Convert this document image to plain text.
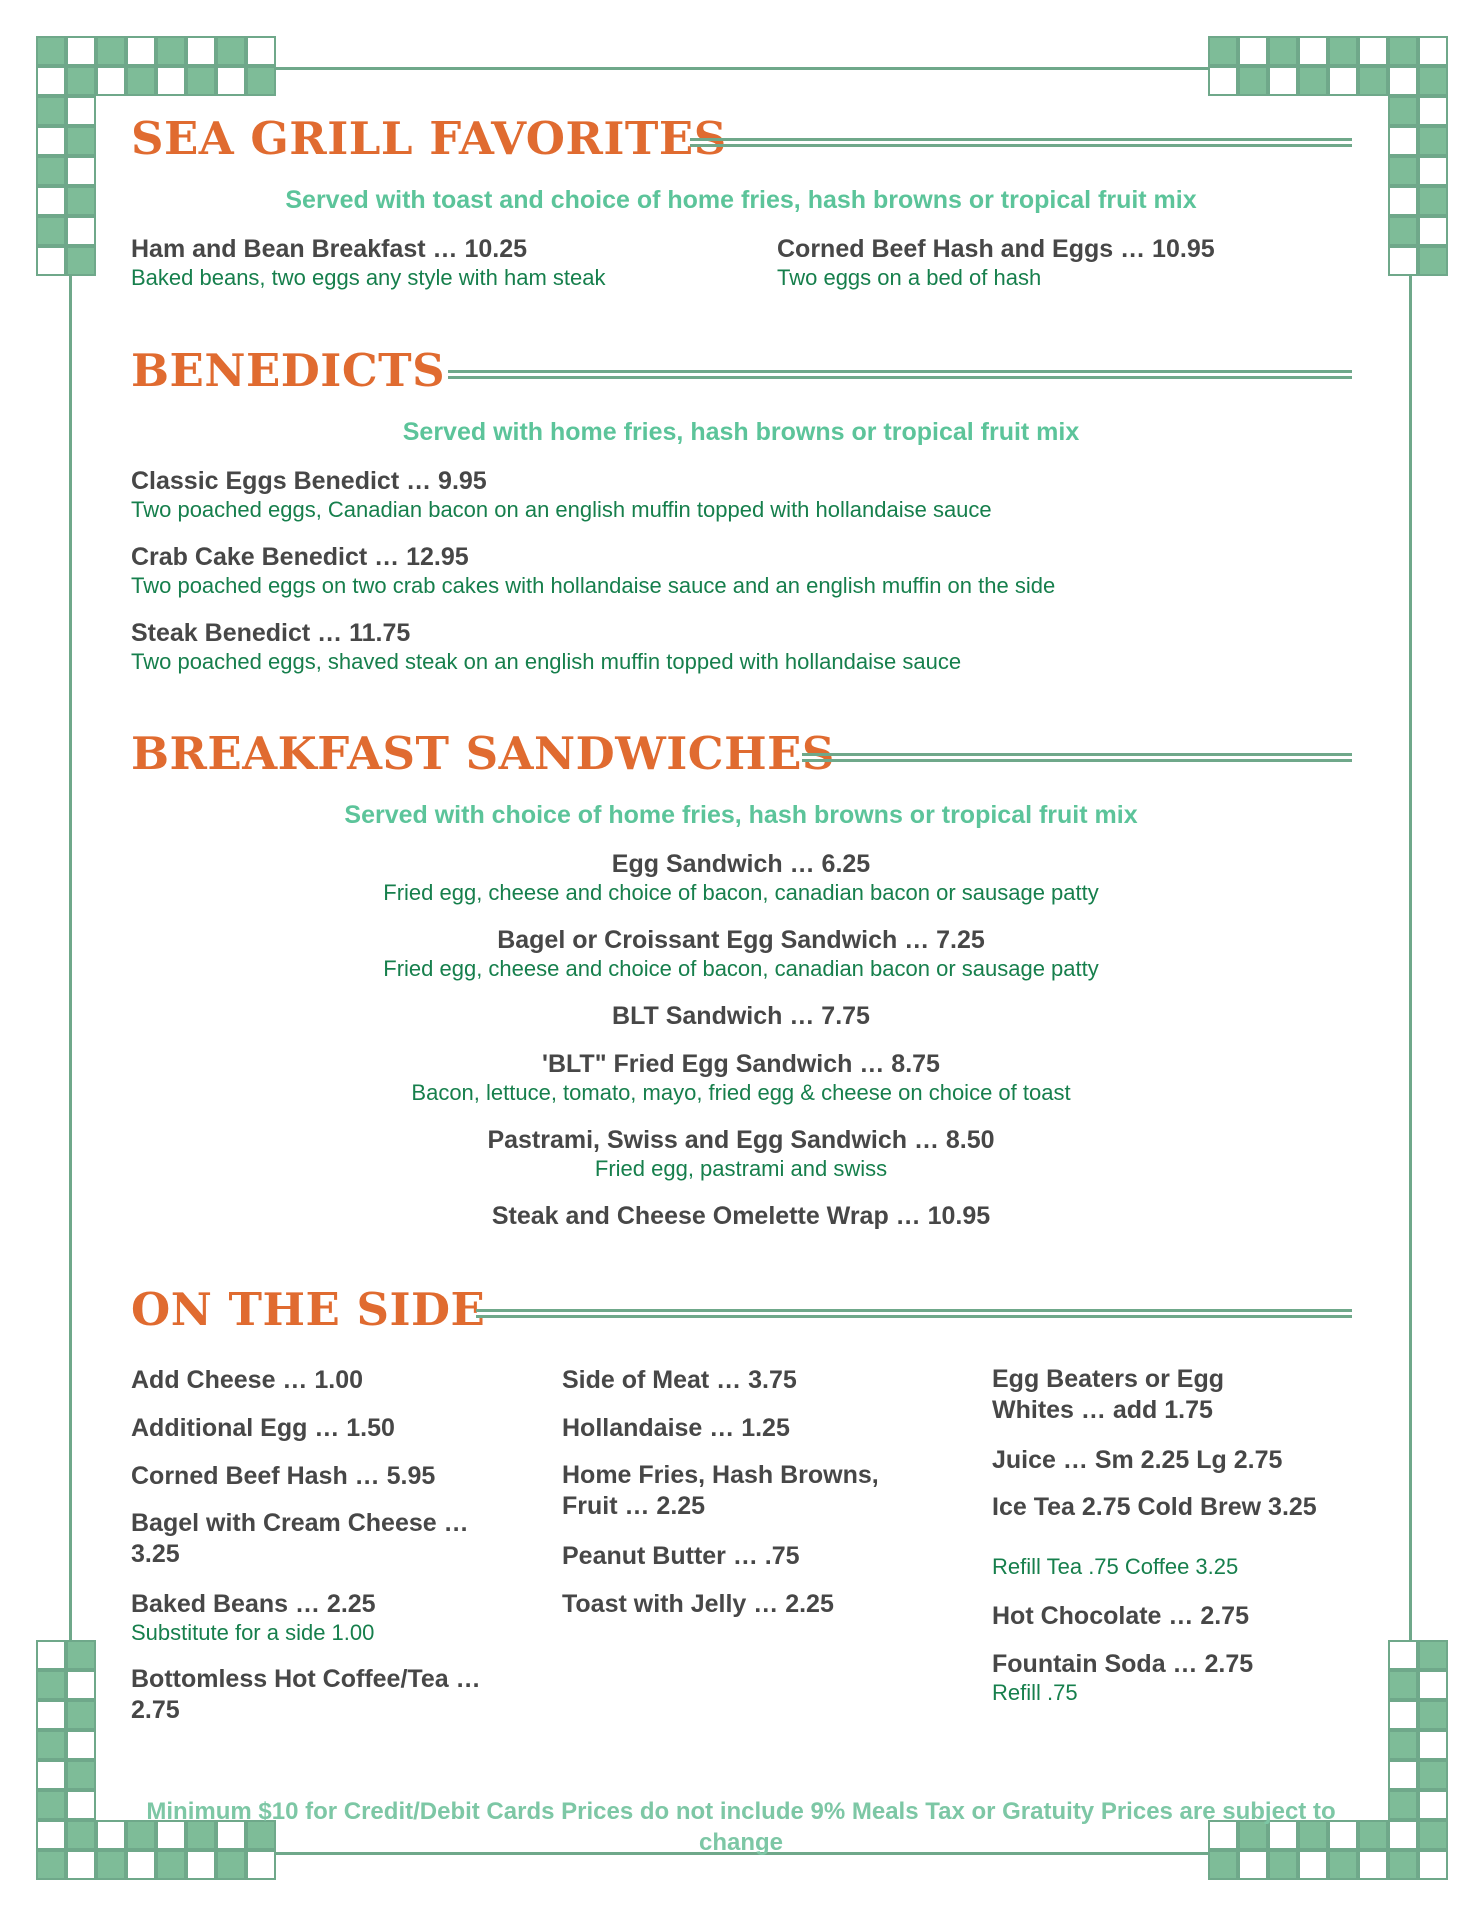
SEA GRILL FAVORITES
Served with toast and choice of home fries, hash browns or tropical fruit mix
Ham and Bean Breakfast … 10.25
Baked beans, two eggs any style with ham steak
Corned Beef Hash and Eggs … 10.95
Two eggs on a bed of hash
BENEDICTS
Served with home fries, hash browns or tropical fruit mix
Classic Eggs Benedict … 9.95
Two poached eggs, Canadian bacon on an english muffin topped with hollandaise sauce
Crab Cake Benedict … 12.95
Two poached eggs on two crab cakes with hollandaise sauce and an english muffin on the side
Steak Benedict … 11.75
Two poached eggs, shaved steak on an english muffin topped with hollandaise sauce
BREAKFAST SANDWICHES
Served with choice of home fries, hash browns or tropical fruit mix
Egg Sandwich … 6.25
Fried egg, cheese and choice of bacon, canadian bacon or sausage patty
Bagel or Croissant Egg Sandwich … 7.25
Fried egg, cheese and choice of bacon, canadian bacon or sausage patty
BLT Sandwich … 7.75
'BLT" Fried Egg Sandwich … 8.75
Bacon, lettuce, tomato, mayo, fried egg & cheese on choice of toast
Pastrami, Swiss and Egg Sandwich … 8.50
Fried egg, pastrami and swiss
Steak and Cheese Omelette Wrap … 10.95
ON THE SIDE
Add Cheese … 1.00
Additional Egg … 1.50
Corned Beef Hash … 5.95
Bagel with Cream Cheese … 3.25
Baked Beans … 2.25
Substitute for a side 1.00
Bottomless Hot Coffee/Tea … 2.75
Side of Meat … 3.75
Hollandaise … 1.25
Home Fries, Hash Browns, Fruit … 2.25
Peanut Butter … .75
Toast with Jelly … 2.25
Egg Beaters or Egg Whites … add 1.75
Juice … Sm 2.25 Lg 2.75
Ice Tea 2.75 Cold Brew 3.25
Refill Tea .75 Coffee 3.25
Hot Chocolate … 2.75
Fountain Soda … 2.75
Refill .75
Minimum $10 for Credit/Debit Cards Prices do not include 9% Meals Tax or Gratuity Prices are subject to change
